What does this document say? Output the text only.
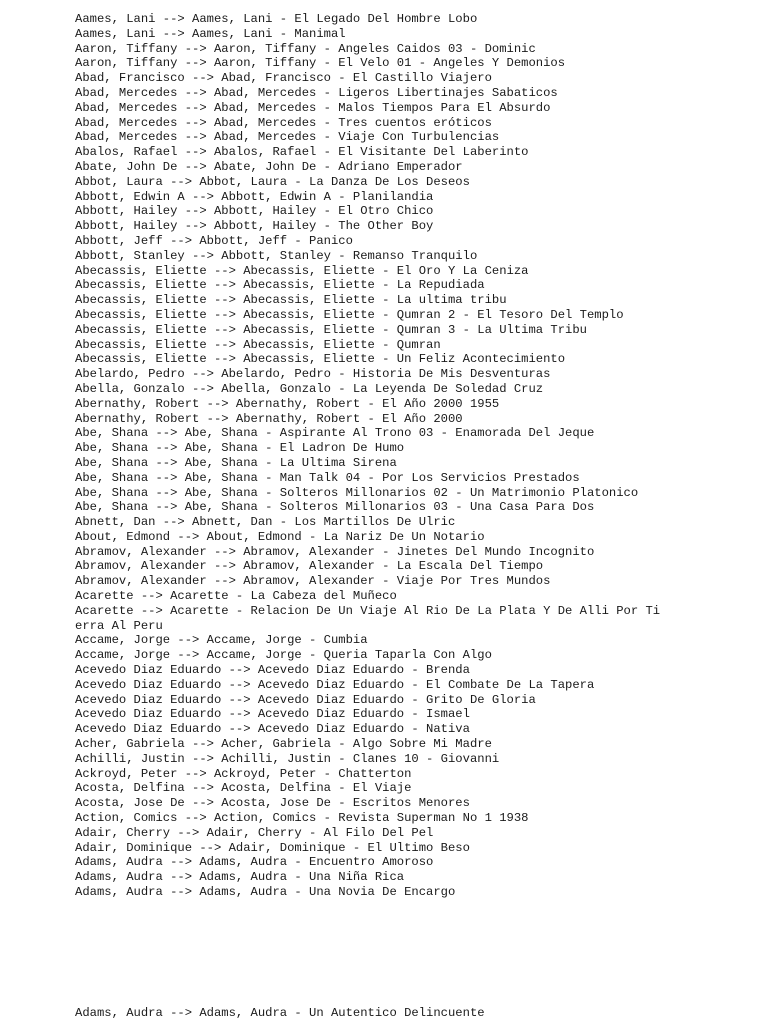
Aames, Lani --> Aames, Lani - El Legado Del Hombre Lobo
Aames, Lani --> Aames, Lani - Manimal
Aaron, Tiffany --> Aaron, Tiffany - Angeles Caidos 03 - Dominic
Aaron, Tiffany --> Aaron, Tiffany - El Velo 01 - Angeles Y Demonios
Abad, Francisco --> Abad, Francisco - El Castillo Viajero
Abad, Mercedes --> Abad, Mercedes - Ligeros Libertinajes Sabaticos
Abad, Mercedes --> Abad, Mercedes - Malos Tiempos Para El Absurdo
Abad, Mercedes --> Abad, Mercedes - Tres cuentos eróticos
Abad, Mercedes --> Abad, Mercedes - Viaje Con Turbulencias
Abalos, Rafael --> Abalos, Rafael - El Visitante Del Laberinto
Abate, John De --> Abate, John De - Adriano Emperador
Abbot, Laura --> Abbot, Laura - La Danza De Los Deseos
Abbott, Edwin A --> Abbott, Edwin A - Planilandia
Abbott, Hailey --> Abbott, Hailey - El Otro Chico
Abbott, Hailey --> Abbott, Hailey - The Other Boy
Abbott, Jeff --> Abbott, Jeff - Panico
Abbott, Stanley --> Abbott, Stanley - Remanso Tranquilo
Abecassis, Eliette --> Abecassis, Eliette - El Oro Y La Ceniza
Abecassis, Eliette --> Abecassis, Eliette - La Repudiada
Abecassis, Eliette --> Abecassis, Eliette - La ultima tribu
Abecassis, Eliette --> Abecassis, Eliette - Qumran 2 - El Tesoro Del Templo
Abecassis, Eliette --> Abecassis, Eliette - Qumran 3 - La Ultima Tribu
Abecassis, Eliette --> Abecassis, Eliette - Qumran
Abecassis, Eliette --> Abecassis, Eliette - Un Feliz Acontecimiento
Abelardo, Pedro --> Abelardo, Pedro - Historia De Mis Desventuras
Abella, Gonzalo --> Abella, Gonzalo - La Leyenda De Soledad Cruz
Abernathy, Robert --> Abernathy, Robert - El Año 2000 1955
Abernathy, Robert --> Abernathy, Robert - El Año 2000
Abe, Shana --> Abe, Shana - Aspirante Al Trono 03 - Enamorada Del Jeque
Abe, Shana --> Abe, Shana - El Ladron De Humo
Abe, Shana --> Abe, Shana - La Ultima Sirena
Abe, Shana --> Abe, Shana - Man Talk 04 - Por Los Servicios Prestados
Abe, Shana --> Abe, Shana - Solteros Millonarios 02 - Un Matrimonio Platonico
Abe, Shana --> Abe, Shana - Solteros Millonarios 03 - Una Casa Para Dos
Abnett, Dan --> Abnett, Dan - Los Martillos De Ulric
About, Edmond --> About, Edmond - La Nariz De Un Notario
Abramov, Alexander --> Abramov, Alexander - Jinetes Del Mundo Incognito
Abramov, Alexander --> Abramov, Alexander - La Escala Del Tiempo
Abramov, Alexander --> Abramov, Alexander - Viaje Por Tres Mundos
Acarette --> Acarette - La Cabeza del Muñeco
Acarette --> Acarette - Relacion De Un Viaje Al Rio De La Plata Y De Alli Por Ti
erra Al Peru
Accame, Jorge --> Accame, Jorge - Cumbia
Accame, Jorge --> Accame, Jorge - Queria Taparla Con Algo
Acevedo Diaz Eduardo --> Acevedo Diaz Eduardo - Brenda
Acevedo Diaz Eduardo --> Acevedo Diaz Eduardo - El Combate De La Tapera
Acevedo Diaz Eduardo --> Acevedo Diaz Eduardo - Grito De Gloria
Acevedo Diaz Eduardo --> Acevedo Diaz Eduardo - Ismael
Acevedo Diaz Eduardo --> Acevedo Diaz Eduardo - Nativa
Acher, Gabriela --> Acher, Gabriela - Algo Sobre Mi Madre
Achilli, Justin --> Achilli, Justin - Clanes 10 - Giovanni
Ackroyd, Peter --> Ackroyd, Peter - Chatterton
Acosta, Delfina --> Acosta, Delfina - El Viaje
Acosta, Jose De --> Acosta, Jose De - Escritos Menores
Action, Comics --> Action, Comics - Revista Superman No 1 1938
Adair, Cherry --> Adair, Cherry - Al Filo Del Pel
Adair, Dominique --> Adair, Dominique - El Ultimo Beso
Adams, Audra --> Adams, Audra - Encuentro Amoroso
Adams, Audra --> Adams, Audra - Una Niña Rica
Adams, Audra --> Adams, Audra - Una Novia De Encargo
Adams, Audra --> Adams, Audra - Un Autentico Delincuente
